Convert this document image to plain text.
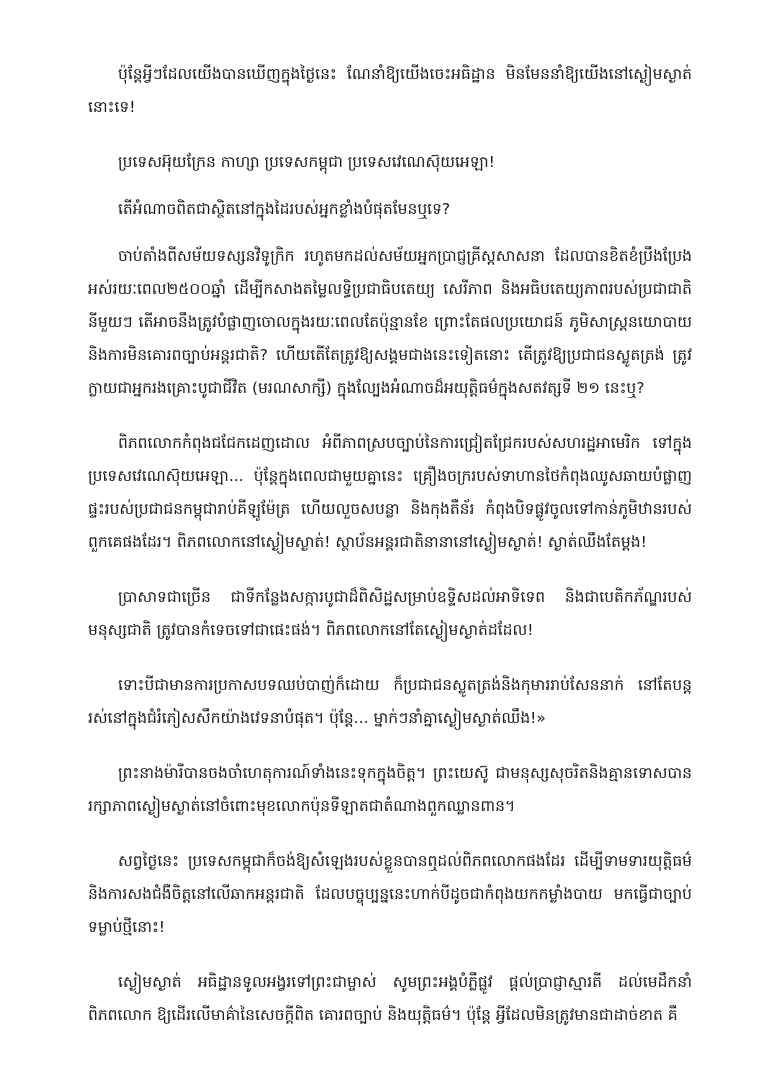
ប៉ុន្តែអ្វីៗដែលយើងបានឃើញក្នុងថ្ងៃនេះ ណែនាំឱ្យយើងចេះអធិដ្ឋាន មិនមែននាំឱ្យយើងនៅស្ងៀមស្ងាត់នោះទេ!

ប្រទេសអ៊ុយក្រែន កាហ្សា ប្រទេសកម្ពុជា ប្រទេសវេណេស៊ុយអេឡា!

តើអំណាចពិតជាស្ថិតនៅក្នុងដៃរបស់អ្នកខ្លាំងបំផុតមែនឬទេ?

ចាប់តាំងពីសម័យទស្សនវិទូក្រិក រហូតមកដល់សម័យអ្នកប្រាជ្ញគ្រីស្តសាសនា ដែលបានខិតខំប្រឹងប្រែងអស់រយៈពេល២៥០០ឆ្នាំ ដើម្បីកសាងតម្លៃលទ្ធិប្រជាធិបតេយ្យ សេរីភាព និងអធិបតេយ្យភាពរបស់ប្រជាជាតិនីមួយៗ តើអាចនឹងត្រូវបំផ្លាញចោលក្នុងរយៈពេលតែប៉ុន្មានខែ ព្រោះតែផលប្រយោជន៍ ភូមិសាស្ត្រនយោបាយ និងការមិនគោរពច្បាប់អន្តរជាតិ? ហើយតើតែត្រូវឱ្យសង្គមជាងនេះទៀតនោះ តើត្រូវឱ្យប្រជាជនស្លូតត្រង់ ត្រូវក្លាយជាអ្នករងគ្រោះបូជាជីវិត (មរណសាក្សី) ក្នុងល្បែងអំណាចដ៏អយុត្តិធម៌ក្នុងសតវត្សទី ២១ នេះឬ?

ពិភពលោកកំពុងជជែកដេញដោល អំពីភាពស្របច្បាប់នៃការជ្រៀតជ្រែករបស់សហរដ្ឋអាមេរិក ទៅក្នុងប្រទេសវេណេស៊ុយអេឡា... ប៉ុន្តែក្នុងពេលជាមួយគ្នានេះ គ្រឿងចក្ររបស់ទាហានថៃកំពុងឈូសឆាយបំផ្លាញផ្ទះរបស់ប្រជាជនកម្ពុជារាប់គីឡូម៉ែត្រ ហើយលួចសបន្លា និងកុងតឺន័រ កំពុងបិទផ្លូវចូលទៅកាន់ភូមិឋានរបស់ពួកគេផងដែរ។ ពិភពលោកនៅស្ងៀមស្ងាត់! ស្ថាប័នអន្តរជាតិនានានៅស្ងៀមស្ងាត់! ស្ងាត់ឈឹងតែម្តង!

ប្រាសាទជាច្រើន ជាទីកន្លែងសក្ការបូជាដ៏ពិសិដ្ឋសម្រាប់ឧទ្ទិសដល់អាទិទេព និងជាបេតិកភ័ណ្ឌរបស់មនុស្សជាតិ ត្រូវបានកំទេចទៅជាផេះផង់។ ពិភពលោកនៅតែស្ងៀមស្ងាត់ដដែល!

ទោះបីជាមានការប្រកាសបទឈប់បាញ់ក៏ដោយ ក៏ប្រជាជនស្លូតត្រង់និងកុមាររាប់សែននាក់ នៅតែបន្តរស់នៅក្នុងជំរំភៀសសឹកយ៉ាងវេទនាបំផុត។ ប៉ុន្តែ... ម្នាក់ៗនាំគ្នាស្ងៀមស្ងាត់ឈឹង!»

ព្រះនាងម៉ារីបានចងចាំហេតុការណ៍ទាំងនេះទុកក្នុងចិត្ត។ ព្រះយេស៊ូ ជាមនុស្សសុចរិតនិងគ្មានទោសបានរក្សាភាពស្ងៀមស្ងាត់នៅចំពោះមុខលោកប៉ុនទីឡាតជាតំណាងពួកឈ្លានពាន។

សព្វថ្ងៃនេះ ប្រទេសកម្ពុជាក៏ចង់ឱ្យសំឡេងរបស់ខ្លួនបានឮដល់ពិភពលោកផងដែរ ដើម្បីទាមទារយុត្តិធម៌ និងការសងជំងឺចិត្តនៅលើឆាកអន្តរជាតិ ដែលបច្ចុប្បន្ននេះហាក់បីដូចជាកំពុងយកកម្លាំងបាយ មកធ្វើជាច្បាប់ទម្លាប់ថ្មីនោះ!

ស្ងៀមស្ងាត់ អធិដ្ឋានទូលអង្វរទៅព្រះជាម្ចាស់ សូមព្រះអង្គបំភ្លឺផ្លូវ ផ្តល់ប្រាជ្ញាស្មារតី ដល់មេដឹកនាំពិភពលោក ឱ្យដើរលើមាគ៌ានៃសេចក្តីពិត គោរពច្បាប់ និងយុត្តិធម៌។ ប៉ុន្តែ អ្វីដែលមិនត្រូវមានជាដាច់ខាត គឺ
